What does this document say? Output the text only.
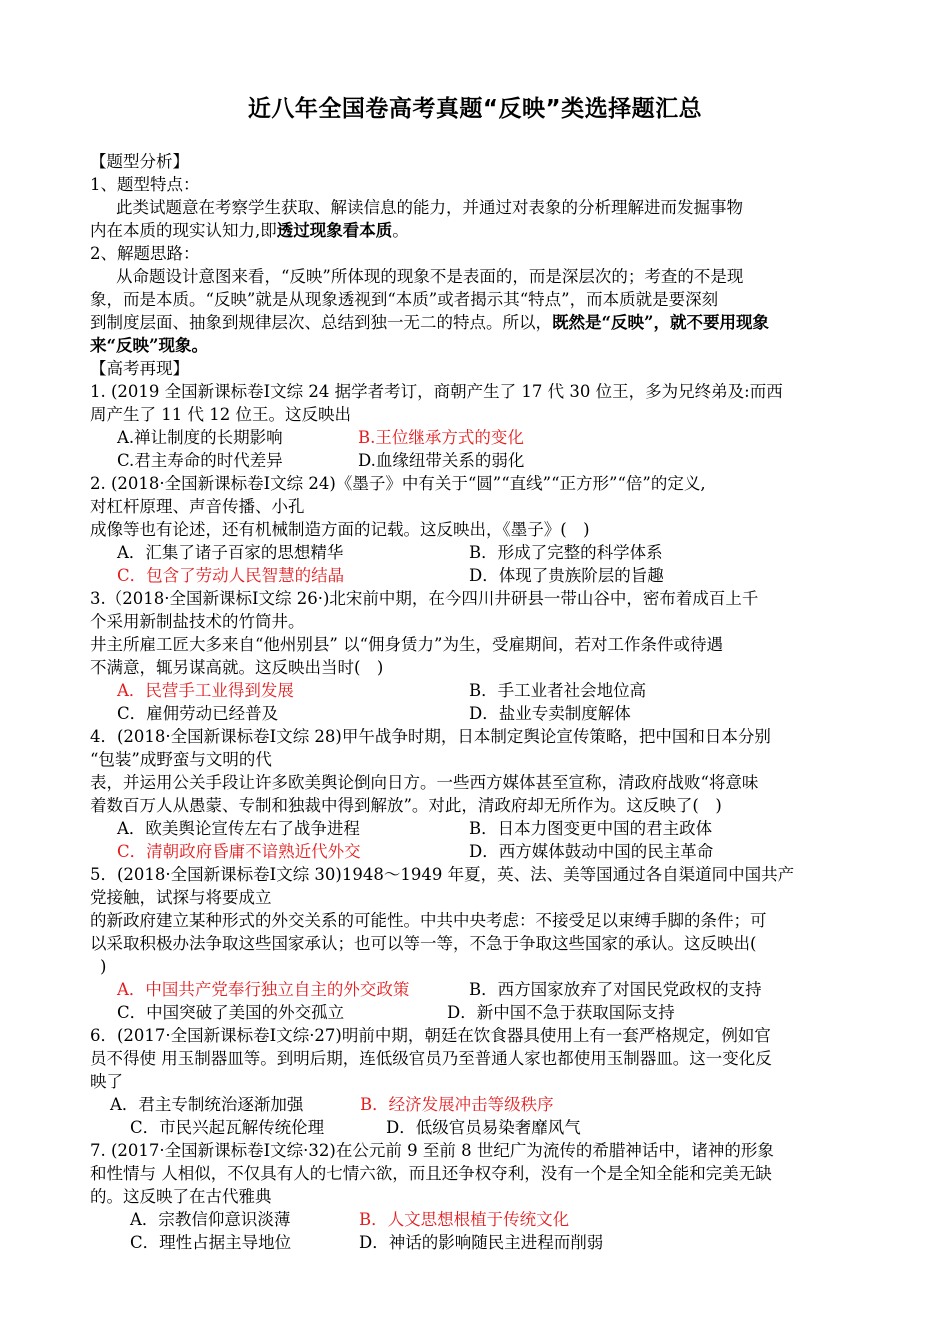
近八年全国卷高考真题“反映”类选择题汇总
【题型分析】
1、题型特点：
此类试题意在考察学生获取、解读信息的能力，并通过对表象的分析理解进而发掘事物
内在本质的现实认知力,即透过现象看本质。
2、解题思路：
从命题设计意图来看，“反映”所体现的现象不是表面的，而是深层次的；考查的不是现
象，而是本质。“反映”就是从现象透视到“本质”或者揭示其“特点”，而本质就是要深刻
到制度层面、抽象到规律层次、总结到独一无二的特点。所以，既然是“反映”，就不要用现象
来“反映”现象。
【高考再现】
1. (2019 全国新课标卷Ⅰ文综 24 据学者考订，商朝产生了 17 代 30 位王，多为兄终弟及:而西
周产生了 11 代 12 位王。这反映出
A.禅让制度的长期影响	B.王位继承方式的变化
C.君主寿命的时代差异	D.血缘纽带关系的弱化
2. (2018·全国新课标卷Ⅰ文综 24)《墨子》中有关于“圆”“直线”“正方形”“倍”的定义,
对杠杆原理、声音传播、小孔
成像等也有论述，还有机械制造方面的记载。这反映出，《墨子》(　)
A．汇集了诸子百家的思想精华	B．形成了完整的科学体系
C．包含了劳动人民智慧的结晶	D．体现了贵族阶层的旨趣
3.（2018·全国新课标Ⅰ文综 26·)北宋前中期，在今四川井研县一带山谷中，密布着成百上千
个采用新制盐技术的竹筒井。
井主所雇工匠大多来自“他州别县” 以“佣身赁力”为生，受雇期间，若对工作条件或待遇
不满意，辄另谋高就。这反映出当时(　)
A．民营手工业得到发展	B．手工业者社会地位高
C．雇佣劳动已经普及	D．盐业专卖制度解体
4．(2018·全国新课标卷Ⅰ文综 28)甲午战争时期，日本制定舆论宣传策略，把中国和日本分别
“包装”成野蛮与文明的代
表，并运用公关手段让许多欧美舆论倒向日方。一些西方媒体甚至宣称，清政府战败“将意味
着数百万人从愚蒙、专制和独裁中得到解放”。对此，清政府却无所作为。这反映了(　)
A．欧美舆论宣传左右了战争进程	B．日本力图变更中国的君主政体
C．清朝政府昏庸不谙熟近代外交	D．西方媒体鼓动中国的民主革命
5．(2018·全国新课标卷Ⅰ文综 30)1948～1949 年夏，英、法、美等国通过各自渠道同中国共产
党接触，试探与将要成立
的新政府建立某种形式的外交关系的可能性。中共中央考虑：不接受足以束缚手脚的条件；可
以采取积极办法争取这些国家承认；也可以等一等，不急于争取这些国家的承认。这反映出(
)
A．中国共产党奉行独立自主的外交政策	B．西方国家放弃了对国民党政权的支持
C．中国突破了美国的外交孤立	D．新中国不急于获取国际支持
6．(2017·全国新课标卷Ⅰ文综·27)明前中期，朝廷在饮食器具使用上有一套严格规定，例如官
员不得使 用玉制器皿等。到明后期，连低级官员乃至普通人家也都使用玉制器皿。这一变化反
映了
A．君主专制统治逐渐加强	B．经济发展冲击等级秩序
C．市民兴起瓦解传统伦理	D．低级官员易染奢靡风气
7. (2017·全国新课标卷Ⅰ文综·32)在公元前 9 至前 8 世纪广为流传的希腊神话中，诸神的形象
和性情与 人相似，不仅具有人的七情六欲，而且还争权夺利，没有一个是全知全能和完美无缺
的。这反映了在古代雅典
A．宗教信仰意识淡薄	B．人文思想根植于传统文化
C．理性占据主导地位	D．神话的影响随民主进程而削弱
